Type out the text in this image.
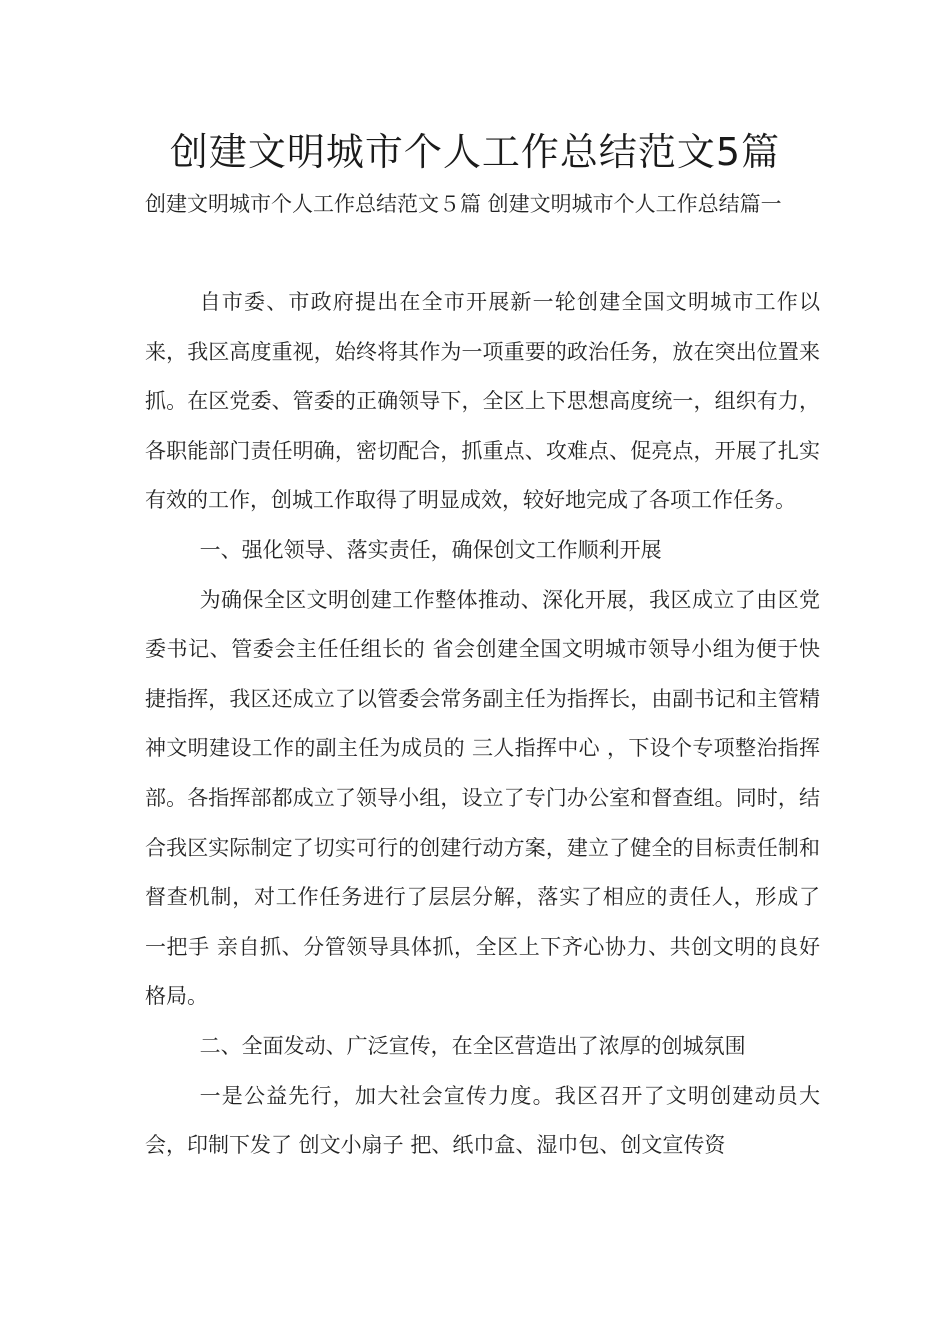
创建文明城市个人工作总结范文5篇
创建文明城市个人工作总结范文５篇 创建文明城市个人工作总结篇一

自市委、市政府提出在全市开展新一轮创建全国文明城市工作以来，我区高度重视，始终将其作为一项重要的政治任务，放在突出位置来抓。在区党委、管委的正确领导下，全区上下思想高度统一，组织有力，各职能部门责任明确，密切配合，抓重点、攻难点、促亮点，开展了扎实有效的工作，创城工作取得了明显成效，较好地完成了各项工作任务。

一、强化领导、落实责任，确保创文工作顺利开展

为确保全区文明创建工作整体推动、深化开展，我区成立了由区党委书记、管委会主任任组长的 省会创建全国文明城市领导小组为便于快捷指挥，我区还成立了以管委会常务副主任为指挥长，由副书记和主管精神文明建设工作的副主任为成员的 三人指挥中心 ，下设个专项整治指挥部。各指挥部都成立了领导小组，设立了专门办公室和督查组。同时，结合我区实际制定了切实可行的创建行动方案，建立了健全的目标责任制和督查机制，对工作任务进行了层层分解，落实了相应的责任人，形成了 一把手 亲自抓、分管领导具体抓，全区上下齐心协力、共创文明的良好格局。

二、全面发动、广泛宣传，在全区营造出了浓厚的创城氛围

一是公益先行，加大社会宣传力度。我区召开了文明创建动员大会，印制下发了 创文小扇子 把、纸巾盒、湿巾包、创文宣传资
